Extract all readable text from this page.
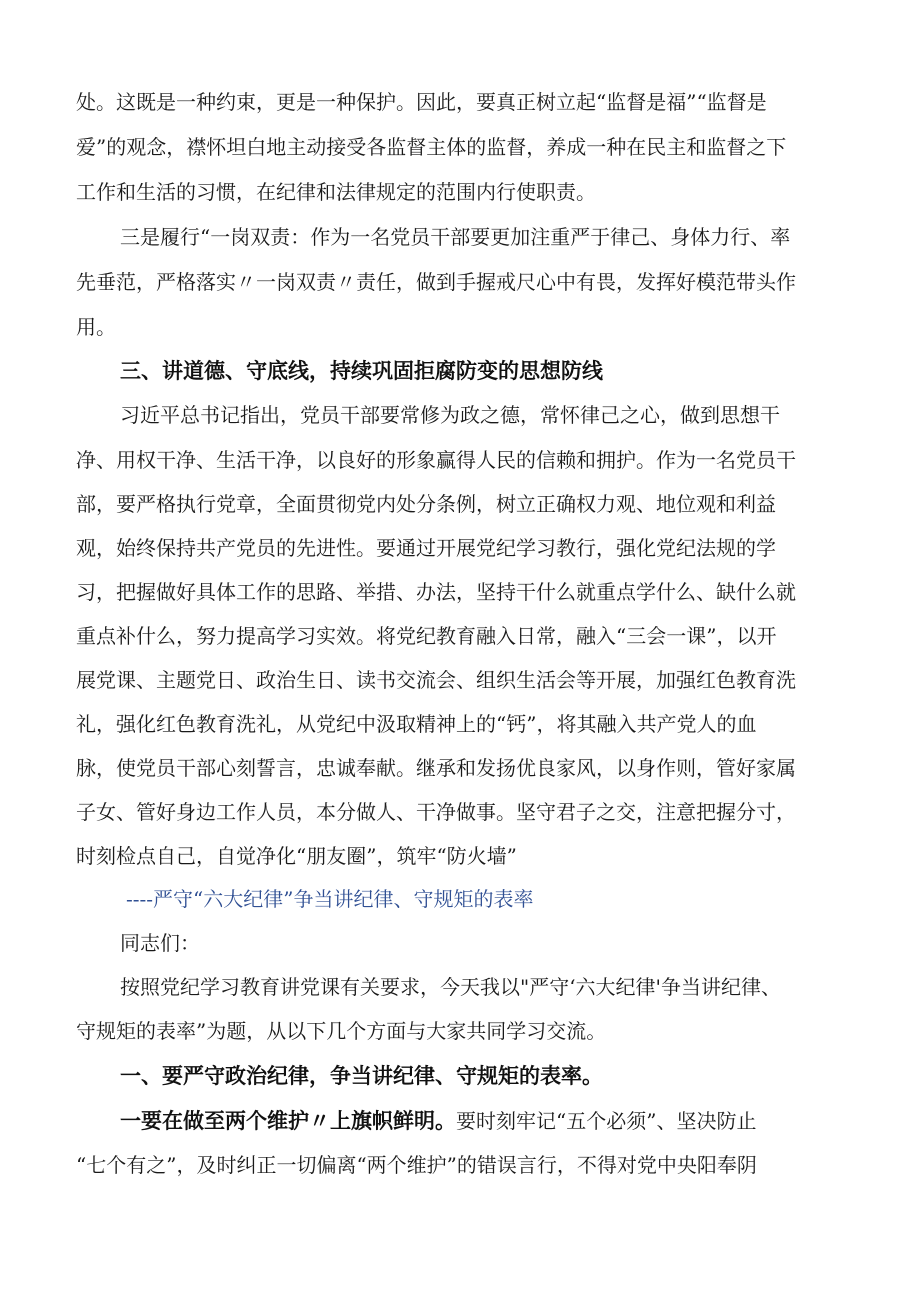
处。这既是一种约束，更是一种保护。因此，要真正树立起“监督是福”“监督是
爱”的观念，襟怀坦白地主动接受各监督主体的监督，养成一种在民主和监督之下
工作和生活的习惯，在纪律和法律规定的范围内行使职责。
三是履行“一岗双责：作为一名党员干部要更加注重严于律己、身体力行、率
先垂范，严格落实〃一岗双责〃责任，做到手握戒尺心中有畏，发挥好模范带头作
用。
三、讲道德、守底线，持续巩固拒腐防变的思想防线
习近平总书记指出，党员干部要常修为政之德，常怀律己之心，做到思想干
净、用权干净、生活干净，以良好的形象赢得人民的信赖和拥护。作为一名党员干
部，要严格执行党章，全面贯彻党内处分条例，树立正确权力观、地位观和利益
观，始终保持共产党员的先进性。要通过开展党纪学习教行，强化党纪法规的学
习，把握做好具体工作的思路、举措、办法，坚持干什么就重点学什么、缺什么就
重点补什么，努力提高学习实效。将党纪教育融入日常，融入“三会一课”，以开
展党课、主题党日、政治生日、读书交流会、组织生活会等开展，加强红色教育洗
礼，强化红色教育洗礼，从党纪中汲取精神上的“钙”，将其融入共产党人的血
脉，使党员干部心刻誓言，忠诚奉献。继承和发扬优良家风，以身作则，管好家属
子女、管好身边工作人员，本分做人、干净做事。坚守君子之交，注意把握分寸，
时刻检点自己，自觉净化“朋友圈”，筑牢“防火墙”
----严守“六大纪律”争当讲纪律、守规矩的表率
同志们：
按照党纪学习教育讲党课有关要求，今天我以"严守‘六大纪律'争当讲纪律、
守规矩的表率”为题，从以下几个方面与大家共同学习交流。
一、要严守政治纪律，争当讲纪律、守规矩的表率。
一要在做至两个维护〃上旗帜鲜明。要时刻牢记“五个必须”、坚决防止
“七个有之”，及时纠正一切偏离“两个维护”的错误言行，不得对党中央阳奉阴
